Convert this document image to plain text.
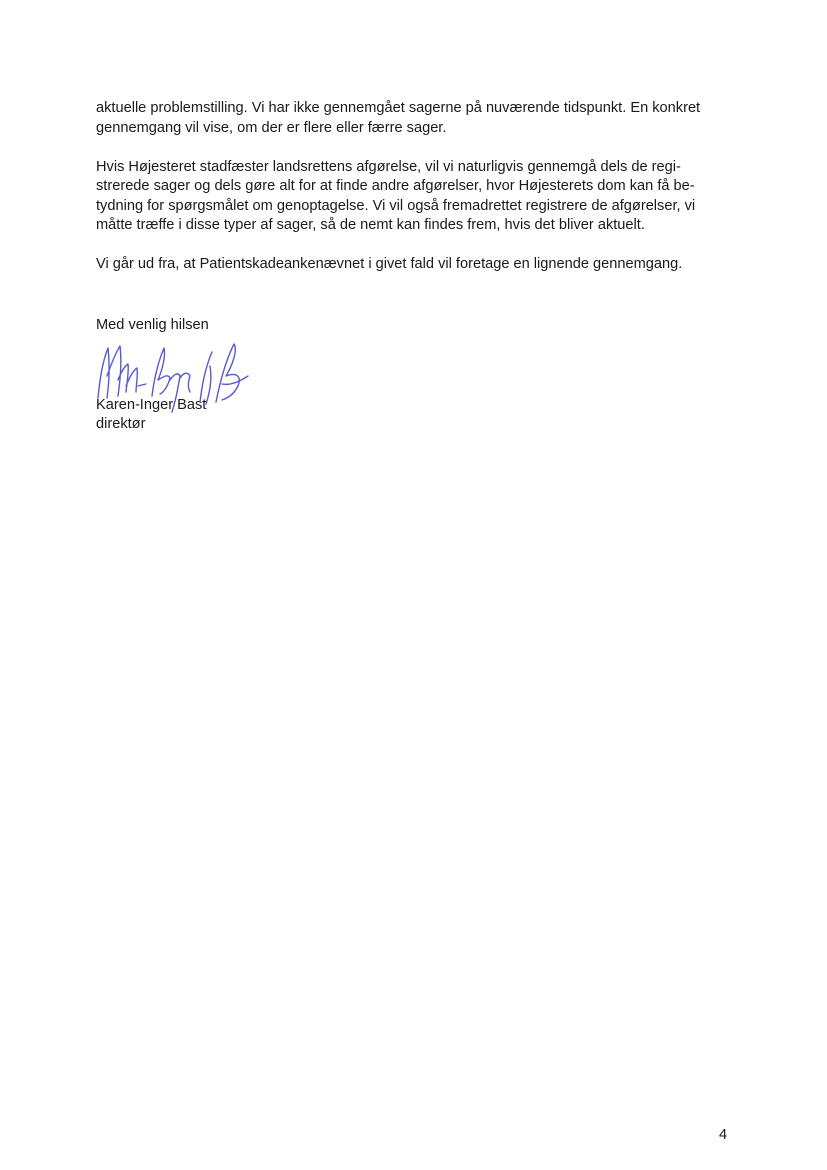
aktuelle problemstilling. Vi har ikke gennemgået sagerne på nuværende tidspunkt. En konkret
gennemgang vil vise, om der er flere eller færre sager.

Hvis Højesteret stadfæster landsrettens afgørelse, vil vi naturligvis gennemgå dels de regi-
strerede sager og dels gøre alt for at finde andre afgørelser, hvor Højesterets dom kan få be-
tydning for spørgsmålet om genoptagelse. Vi vil også fremadrettet registrere de afgørelser, vi
måtte træffe i disse typer af sager, så de nemt kan findes frem, hvis det bliver aktuelt.

Vi går ud fra, at Patientskadeankenævnet i givet fald vil foretage en lignende gennemgang.

Med venlig hilsen
Karen-Inger Bast
direktør
4
